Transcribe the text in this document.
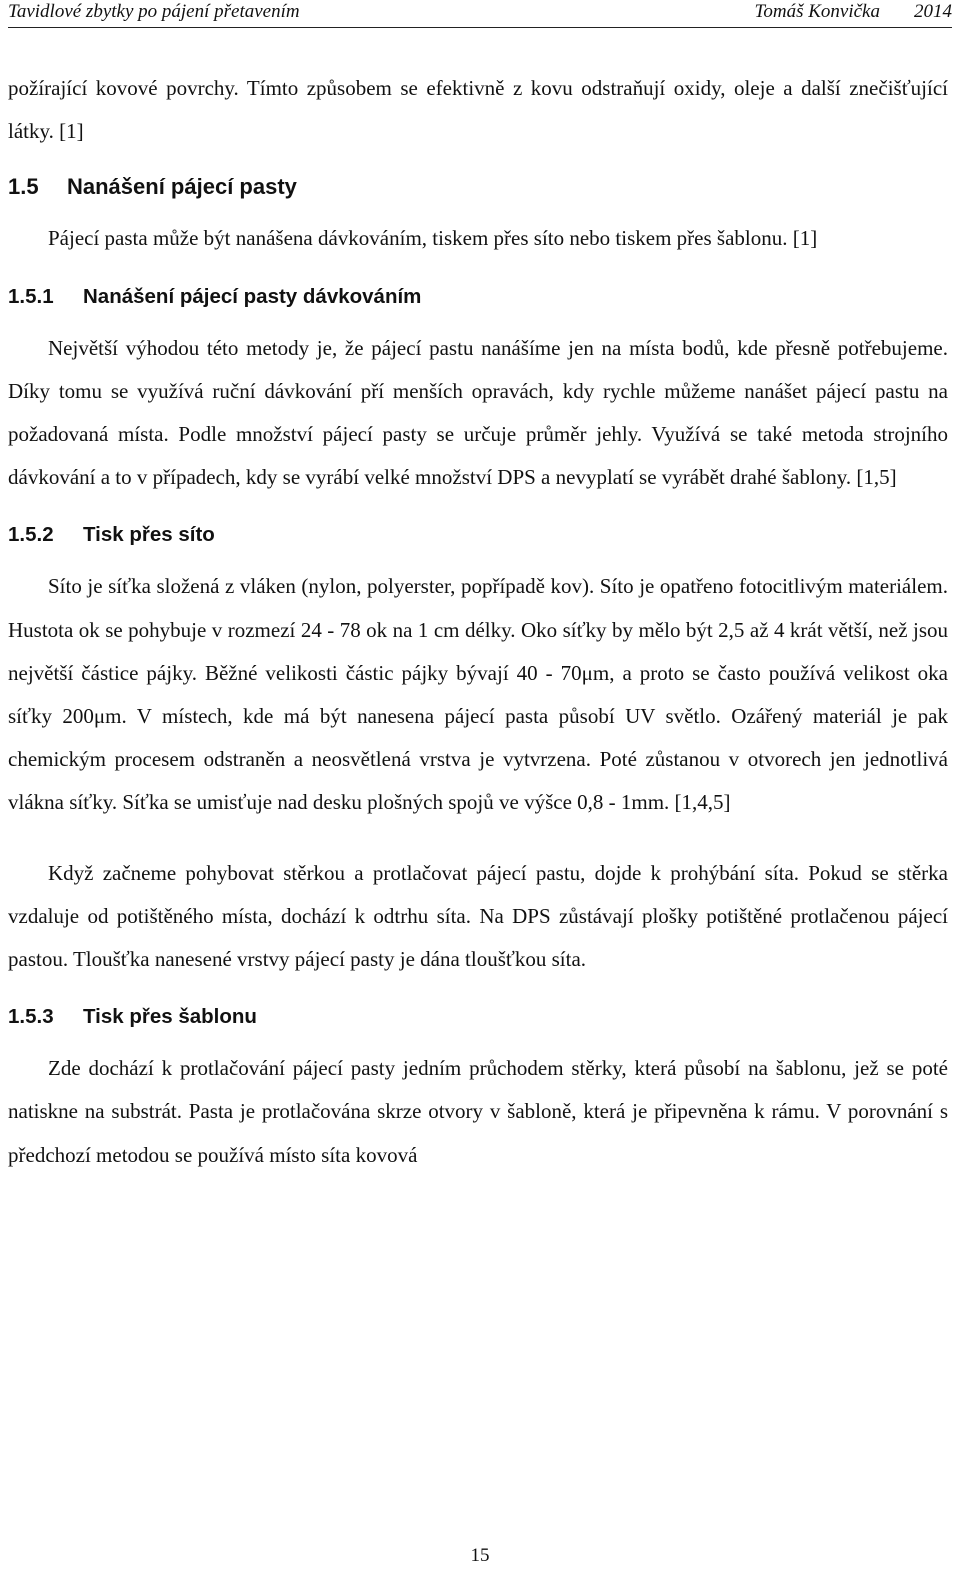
Tavidlové zbytky po pájení přetavením	Tomáš Konvička 2014

požírající kovové povrchy. Tímto způsobem se efektivně z kovu odstraňují oxidy, oleje a další znečišťující látky. [1]

1.5 Nanášení pájecí pasty

Pájecí pasta může být nanášena dávkováním, tiskem přes síto nebo tiskem přes šablonu. [1]

1.5.1 Nanášení pájecí pasty dávkováním

Největší výhodou této metody je, že pájecí pastu nanášíme jen na místa bodů, kde přesně potřebujeme. Díky tomu se využívá ruční dávkování pří menších opravách, kdy rychle můžeme nanášet pájecí pastu na požadovaná místa. Podle množství pájecí pasty se určuje průměr jehly. Využívá se také metoda strojního dávkování a to v případech, kdy se vyrábí velké množství DPS a nevyplatí se vyrábět drahé šablony. [1,5]

1.5.2 Tisk přes síto

Síto je síťka složená z vláken (nylon, polyerster, popřípadě kov). Síto je opatřeno fotocitlivým materiálem. Hustota ok se pohybuje v rozmezí 24 - 78 ok na 1 cm délky. Oko síťky by mělo být 2,5 až 4 krát větší, než jsou největší částice pájky. Běžné velikosti částic pájky bývají 40 - 70μm, a proto se často používá velikost oka síťky 200μm. V místech, kde má být nanesena pájecí pasta působí UV světlo. Ozářený materiál je pak chemickým procesem odstraněn a neosvětlená vrstva je vytvrzena. Poté zůstanou v otvorech jen jednotlivá vlákna síťky. Síťka se umisťuje nad desku plošných spojů ve výšce 0,8 - 1mm. [1,4,5]

Když začneme pohybovat stěrkou a protlačovat pájecí pastu, dojde k prohýbání síta. Pokud se stěrka vzdaluje od potištěného místa, dochází k odtrhu síta. Na DPS zůstávají plošky potištěné protlačenou pájecí pastou. Tloušťka nanesené vrstvy pájecí pasty je dána tloušťkou síta.

1.5.3 Tisk přes šablonu

Zde dochází k protlačování pájecí pasty jedním průchodem stěrky, která působí na šablonu, jež se poté natiskne na substrát. Pasta je protlačována skrze otvory v šabloně, která je připevněna k rámu. V porovnání s předchozí metodou se používá místo síta kovová

15
